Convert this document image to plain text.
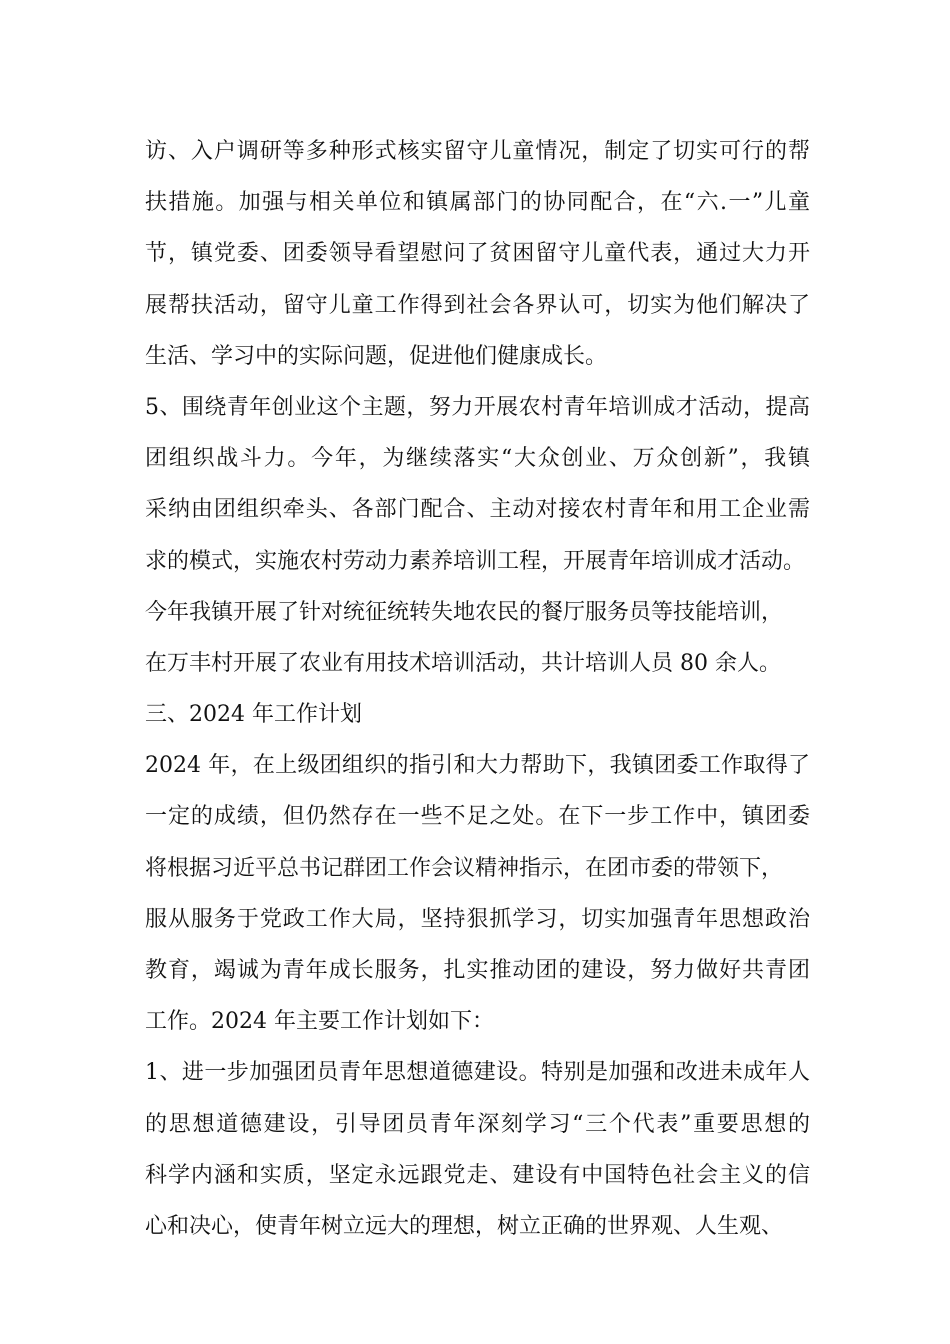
访、入户调研等多种形式核实留守儿童情况，制定了切实可行的帮
扶措施。加强与相关单位和镇属部门的协同配合，在“六.一”儿童
节，镇党委、团委领导看望慰问了贫困留守儿童代表，通过大力开
展帮扶活动，留守儿童工作得到社会各界认可，切实为他们解决了
生活、学习中的实际问题，促进他们健康成长。
5、围绕青年创业这个主题，努力开展农村青年培训成才活动，提高
团组织战斗力。今年，为继续落实“大众创业、万众创新”，我镇
采纳由团组织牵头、各部门配合、主动对接农村青年和用工企业需
求的模式，实施农村劳动力素养培训工程，开展青年培训成才活动。
今年我镇开展了针对统征统转失地农民的餐厅服务员等技能培训，
在万丰村开展了农业有用技术培训活动，共计培训人员 80 余人。
三、2024 年工作计划
2024 年，在上级团组织的指引和大力帮助下，我镇团委工作取得了
一定的成绩，但仍然存在一些不足之处。在下一步工作中，镇团委
将根据习近平总书记群团工作会议精神指示，在团市委的带领下，
服从服务于党政工作大局，坚持狠抓学习，切实加强青年思想政治
教育，竭诚为青年成长服务，扎实推动团的建设，努力做好共青团
工作。2024 年主要工作计划如下：
1、进一步加强团员青年思想道德建设。特别是加强和改进未成年人
的思想道德建设，引导团员青年深刻学习“三个代表”重要思想的
科学内涵和实质，坚定永远跟党走、建设有中国特色社会主义的信
心和决心，使青年树立远大的理想，树立正确的世界观、人生观、
